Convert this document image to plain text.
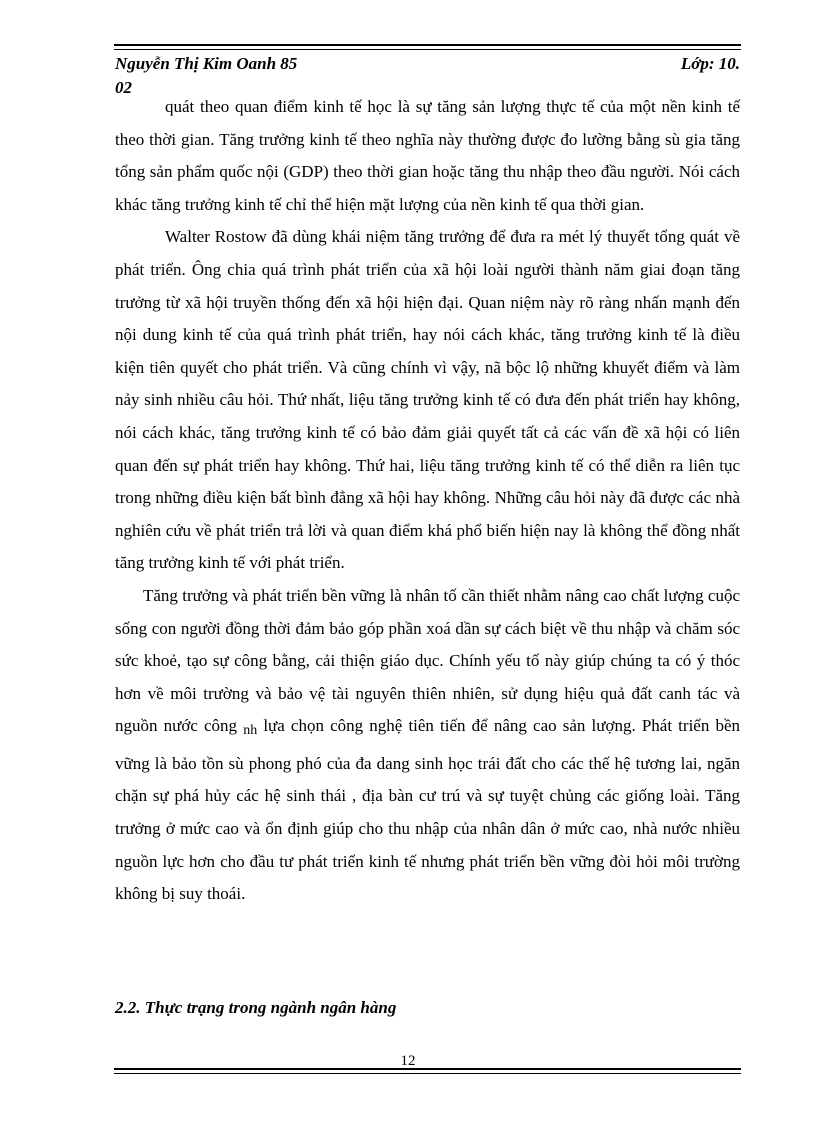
Nguyễn Thị Kim Oanh 85	Lớp: 10.
02

quát theo quan điểm kinh tế học là sự tăng sản lượng thực tế của một nền kinh tế theo thời gian. Tăng trưởng kinh tế theo nghĩa này thường được đo lường bằng sù gia tăng tổng sản phẩm quốc nội (GDP) theo thời gian hoặc tăng thu nhập theo đầu người. Nói cách khác tăng trưởng kinh tế chỉ thể hiện mặt lượng của nền kinh tế qua thời gian.

Walter Rostow đã dùng khái niệm tăng trưởng để đưa ra mét lý thuyết tổng quát về phát triển. Ông chia quá trình phát triển của xã hội loài người thành năm giai đoạn tăng trưởng từ xã hội truyền thống đến xã hội hiện đại. Quan niệm này rõ ràng nhấn mạnh đến nội dung kinh tế của quá trình phát triển, hay nói cách khác, tăng trưởng kinh tế là điều kiện tiên quyết cho phát triển. Và cũng chính vì vậy, nã bộc lộ những khuyết điểm và làm nảy sinh nhiều câu hỏi. Thứ nhất, liệu tăng trưởng kinh tế có đưa đến phát triển hay không, nói cách khác, tăng trưởng kinh tế có bảo đảm giải quyết tất cả các vấn đề xã hội có liên quan đến sự phát triển hay không. Thứ hai, liệu tăng trưởng kinh tế có thể diễn ra liên tục trong những điều kiện bất bình đẳng xã hội hay không. Những câu hỏi này đã được các nhà nghiên cứu về phát triển trả lời và quan điểm khá phổ biến hiện nay là không thể đồng nhất tăng trưởng kinh tế với phát triển.

Tăng trưởng và phát triển bền vững là nhân tố cần thiết nhằm nâng cao chất lượng cuộc sống con người đồng thời đảm bảo góp phần xoá dần sự cách biệt về thu nhập và chăm sóc sức khoẻ, tạo sự công bằng, cải thiện giáo dục. Chính yếu tố này giúp chúng ta có ý thóc hơn về môi trường và bảo vệ tài nguyên thiên nhiên, sử dụng hiệu quả đất canh tác và nguồn nước công $_{nh}$ lựa chọn công nghệ tiên tiến để nâng cao sản lượng. Phát triển bền vững là bảo tồn sù phong phó của đa dang sinh học trái đất cho các thế hệ tương lai, ngăn chặn sự phá hủy các hệ sinh thái , địa bàn cư trú và sự tuyệt chủng các giống loài. Tăng trưởng ở mức cao và ổn định giúp cho thu nhập của nhân dân ở mức cao, nhà nước nhiều nguồn lực hơn cho đầu tư phát triển kinh tế nhưng phát triển bền vững đòi hỏi môi trường không bị suy thoái.

2.2. Thực trạng trong ngành ngân hàng
12
